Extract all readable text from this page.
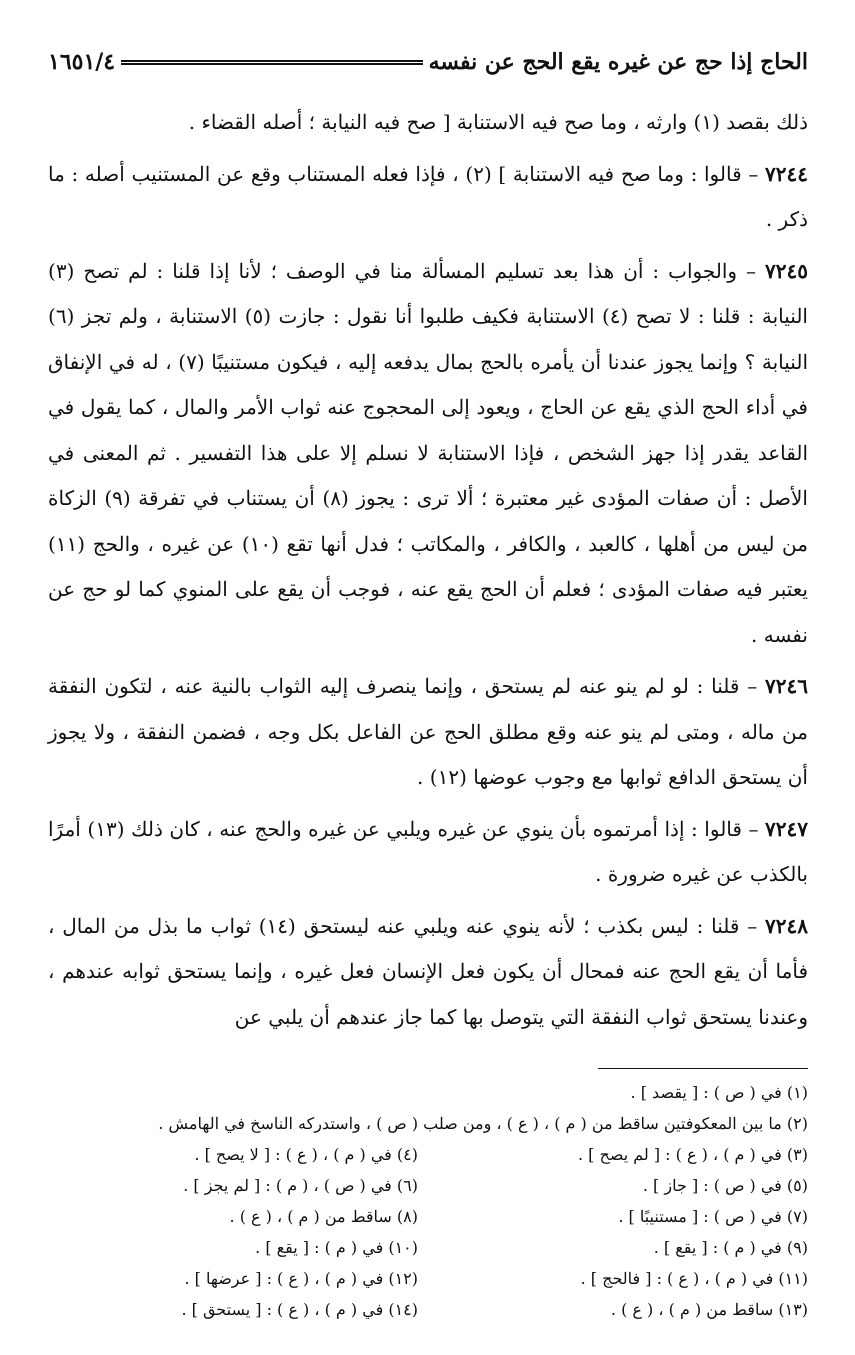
الحاج إذا حج عن غيره يقع الحج عن نفسه
١٦٥١/٤

ذلك بقصد (١) وارثه ، وما صح فيه الاستنابة [ صح فيه النيابة ؛ أصله القضاء .

٧٢٤٤ – قالوا : وما صح فيه الاستنابة ] (٢) ، فإذا فعله المستناب وقع عن المستنيب أصله : ما ذكر .

٧٢٤٥ – والجواب : أن هذا بعد تسليم المسألة منا في الوصف ؛ لأنا إذا قلنا : لم تصح (٣) النيابة : قلنا : لا تصح (٤) الاستنابة فكيف طلبوا أنا نقول : جازت (٥) الاستنابة ، ولم تجز (٦) النيابة ؟ وإنما يجوز عندنا أن يأمره بالحج بمال يدفعه إليه ، فيكون مستنيبًا (٧) ، له في الإنفاق في أداء الحج الذي يقع عن الحاج ، ويعود إلى المحجوج عنه ثواب الأمر والمال ، كما يقول في القاعد يقدر إذا جهز الشخص ، فإذا الاستنابة لا نسلم إلا على هذا التفسير . ثم المعنى في الأصل : أن صفات المؤدى غير معتبرة ؛ ألا ترى : يجوز (٨) أن يستناب في تفرقة (٩) الزكاة من ليس من أهلها ، كالعبد ، والكافر ، والمكاتب ؛ فدل أنها تقع (١٠) عن غيره ، والحج (١١) يعتبر فيه صفات المؤدى ؛ فعلم أن الحج يقع عنه ، فوجب أن يقع على المنوي كما لو حج عن نفسه .

٧٢٤٦ – قلنا : لو لم ينو عنه لم يستحق ، وإنما ينصرف إليه الثواب بالنية عنه ، لتكون النفقة من ماله ، ومتى لم ينو عنه وقع مطلق الحج عن الفاعل بكل وجه ، فضمن النفقة ، ولا يجوز أن يستحق الدافع ثوابها مع وجوب عوضها (١٢) .

٧٢٤٧ – قالوا : إذا أمرتموه بأن ينوي عن غيره ويلبي عن غيره والحج عنه ، كان ذلك (١٣) أمرًا بالكذب عن غيره ضرورة .

٧٢٤٨ – قلنا : ليس بكذب ؛ لأنه ينوي عنه ويلبي عنه ليستحق (١٤) ثواب ما بذل من المال ، فأما أن يقع الحج عنه فمحال أن يكون فعل الإنسان فعل غيره ، وإنما يستحق ثوابه عندهم ، وعندنا يستحق ثواب النفقة التي يتوصل بها كما جاز عندهم أن يلبي عن

(١) في ( ص ) : [ يقصد ] .
(٢) ما بين المعكوفتين ساقط من ( م ) ، ( ع ) ، ومن صلب ( ص ) ، واستدركه الناسخ في الهامش .
(٣) في ( م ) ، ( ع ) : [ لم يصح ] .
(٤) في ( م ) ، ( ع ) : [ لا يصح ] .
(٥) في ( ص ) : [ جاز ] .
(٦) في ( ص ) ، ( م ) : [ لم يجز ] .
(٧) في ( ص ) : [ مستنيبًا ] .
(٨) ساقط من ( م ) ، ( ع ) .
(٩) في ( م ) : [ يقع ] .
(١٠) في ( م ) : [ يقع ] .
(١١) في ( م ) ، ( ع ) : [ فالحج ] .
(١٢) في ( م ) ، ( ع ) : [ عرضها ] .
(١٣) ساقط من ( م ) ، ( ع ) .
(١٤) في ( م ) ، ( ع ) : [ يستحق ] .
